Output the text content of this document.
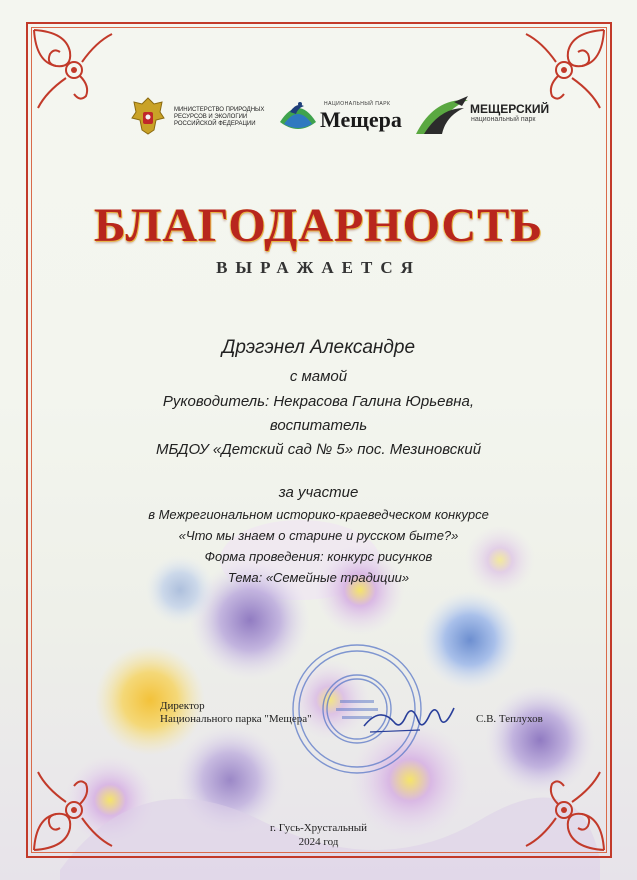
МИНИСТЕРСТВО ПРИРОДНЫХ
РЕСУРСОВ И ЭКОЛОГИИ
РОССИЙСКОЙ ФЕДЕРАЦИИ
НАЦИОНАЛЬНЫЙ ПАРК
Мещера	МЕЩЕРСКИЙ
национальный парк
БЛАГОДАРНОСТЬ
ВЫРАЖАЕТСЯ
Дрэгэнел Александре
с мамой
Руководитель: Некрасова Галина Юрьевна,
воспитатель
МБДОУ «Детский сад № 5» пос. Мезиновский
за участие
в Межрегиональном историко-краеведческом конкурсе
«Что мы знаем о старине и русском быте?»
Форма проведения: конкурс рисунков
Тема: «Семейные традиции»
Директор
Национального парка "Мещера"	С.В. Теплухов
г. Гусь-Хрустальный
2024 год
